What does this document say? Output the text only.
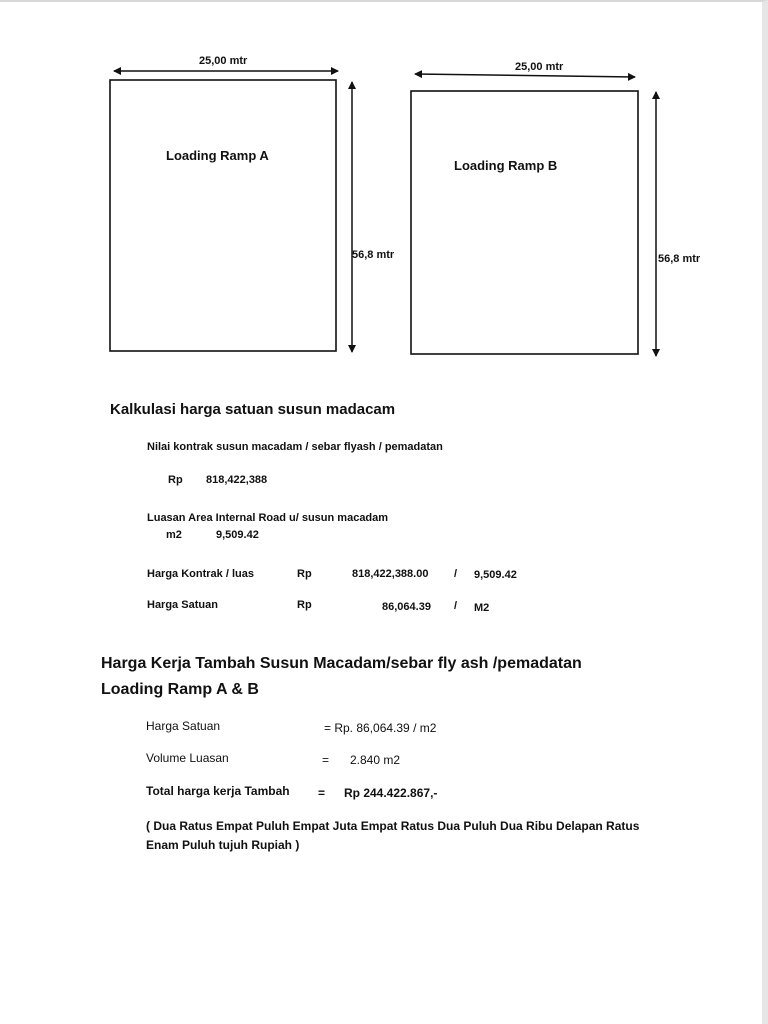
25,00 mtr
Loading Ramp A
56,8 mtr
25,00 mtr
Loading Ramp B
56,8 mtr
Kalkulasi harga satuan susun madacam
Nilai kontrak susun macadam / sebar flyash / pemadatan
Rp 818,422,388
Luasan Area Internal Road u/ susun macadam
m2	9,509.42
Harga Kontrak / luas	Rp	818,422,388.00 / 9,509.42
Harga Satuan	Rp	86,064.39 / M2
Harga Kerja Tambah Susun Macadam/sebar fly ash /pemadatan
Loading Ramp A & B
Harga Satuan	= Rp. 86,064.39 / m2
Volume Luasan	= 2.840 m2
Total harga kerja Tambah = Rp 244.422.867,-
( Dua Ratus Empat Puluh Empat Juta Empat Ratus Dua Puluh Dua Ribu Delapan Ratus
Enam Puluh tujuh Rupiah )
